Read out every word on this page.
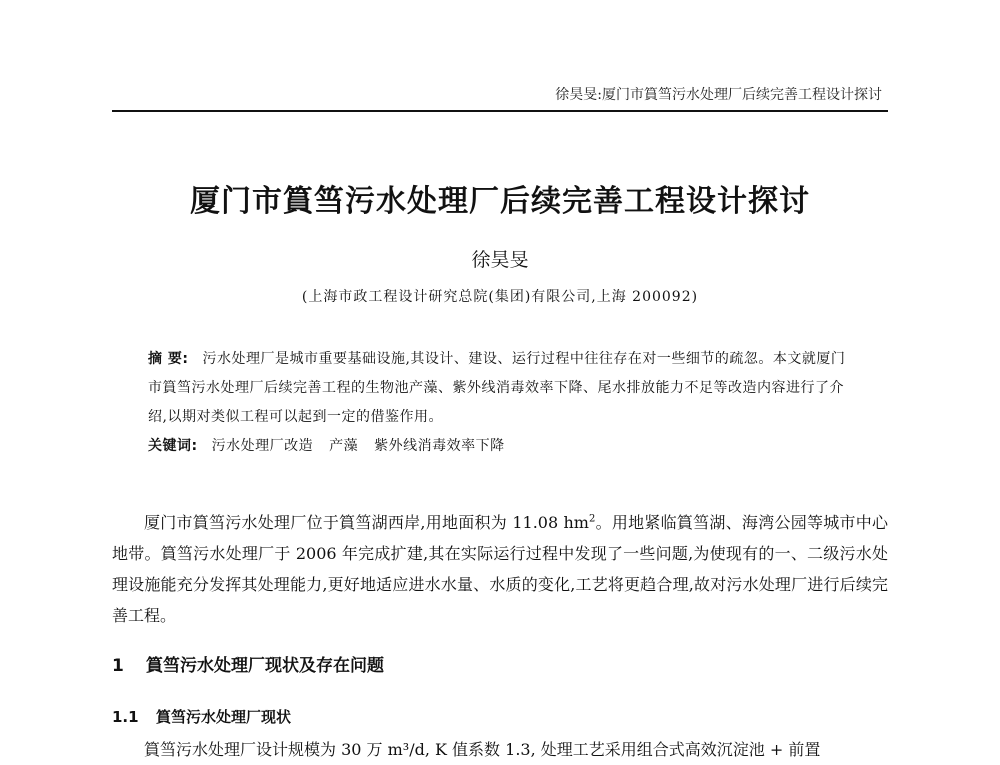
徐昊旻:厦门市篔筜污水处理厂后续完善工程设计探讨
厦门市篔筜污水处理厂后续完善工程设计探讨
徐昊旻
(上海市政工程设计研究总院(集团)有限公司,上海 200092)

摘 要: 污水处理厂是城市重要基础设施,其设计、建设、运行过程中往往存在对一些细节的疏忽。本文就厦门市篔筜污水处理厂后续完善工程的生物池产藻、紫外线消毒效率下降、尾水排放能力不足等改造内容进行了介绍,以期对类似工程可以起到一定的借鉴作用。

关键词: 污水处理厂改造 产藻 紫外线消毒效率下降

厦门市篔筜污水处理厂位于篔筜湖西岸,用地面积为 11.08 $hm^2$。用地紧临篔筜湖、海湾公园等城市中心地带。篔筜污水处理厂于 2006 年完成扩建,其在实际运行过程中发现了一些问题,为使现有的一、二级污水处理设施能充分发挥其处理能力,更好地适应进水水量、水质的变化,工艺将更趋合理,故对污水处理厂进行后续完善工程。

1 篔筜污水处理厂现状及存在问题
1.1 篔筜污水处理厂现状
篔筜污水处理厂设计规模为 30 万 m³/d, K 值系数 1.3, 处理工艺采用组合式高效沉淀池 + 前置
